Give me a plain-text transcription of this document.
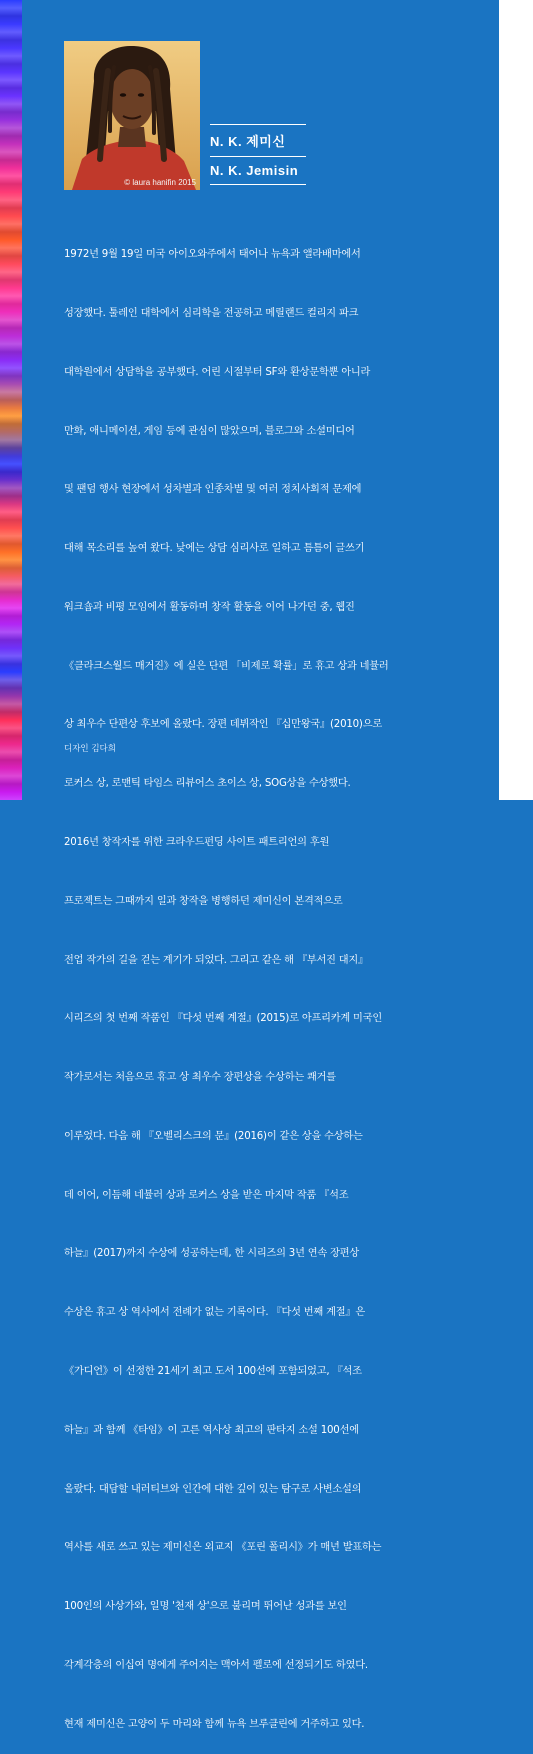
© laura hanifin 2015
N. K. 제미신
N. K. Jemisin

1972년 9월 19일 미국 아이오와주에서 태어나 뉴욕과 앨라배마에서

성장했다. 툴레인 대학에서 심리학을 전공하고 메릴랜드 컬리지 파크

대학원에서 상담학을 공부했다. 어린 시절부터 SF와 환상문학뿐 아니라

만화, 애니메이션, 게임 등에 관심이 많았으며, 블로그와 소셜미디어

및 팬덤 행사 현장에서 성차별과 인종차별 및 여러 정치사회적 문제에

대해 목소리를 높여 왔다. 낮에는 상담 심리사로 일하고 틈틈이 글쓰기

워크숍과 비평 모임에서 활동하며 창작 활동을 이어 나가던 중, 웹진

《클라크스월드 매거진》에 실은 단편 「비제로 확률」로 휴고 상과 네뷸러

상 최우수 단편상 후보에 올랐다. 장편 데뷔작인 『십만왕국』(2010)으로

로커스 상, 로맨틱 타임스 리뷰어스 초이스 상, SOG상을 수상했다.

2016년 창작자를 위한 크라우드펀딩 사이트 패트리언의 후원

프로젝트는 그때까지 일과 창작을 병행하던 제미신이 본격적으로

전업 작가의 길을 걷는 계기가 되었다. 그리고 같은 해 『부서진 대지』

시리즈의 첫 번째 작품인 『다섯 번째 계절』(2015)로 아프리카계 미국인

작가로서는 처음으로 휴고 상 최우수 장편상을 수상하는 쾌거를

이루었다. 다음 해 『오벨리스크의 문』(2016)이 같은 상을 수상하는

데 이어, 이듬해 네뷸러 상과 로커스 상을 받은 마지막 작품 『석조

하늘』(2017)까지 수상에 성공하는데, 한 시리즈의 3년 연속 장편상

수상은 휴고 상 역사에서 전례가 없는 기록이다. 『다섯 번째 계절』은

《가디언》이 선정한 21세기 최고 도서 100선에 포함되었고, 『석조

하늘』과 함께 《타임》이 고른 역사상 최고의 판타지 소설 100선에

올랐다. 대담할 내러티브와 인간에 대한 깊이 있는 탐구로 사변소설의

역사를 새로 쓰고 있는 제미신은 외교지 《포린 폴리시》가 매년 발표하는

100인의 사상가와, 일명 '천재 상'으로 불리며 뛰어난 성과를 보인

각계각층의 이십여 명에게 주어지는 맥아서 펠로에 선정되기도 하였다.

현재 제미신은 고양이 두 마리와 함께 뉴욕 브루클린에 거주하고 있다.

디자인 김다희
